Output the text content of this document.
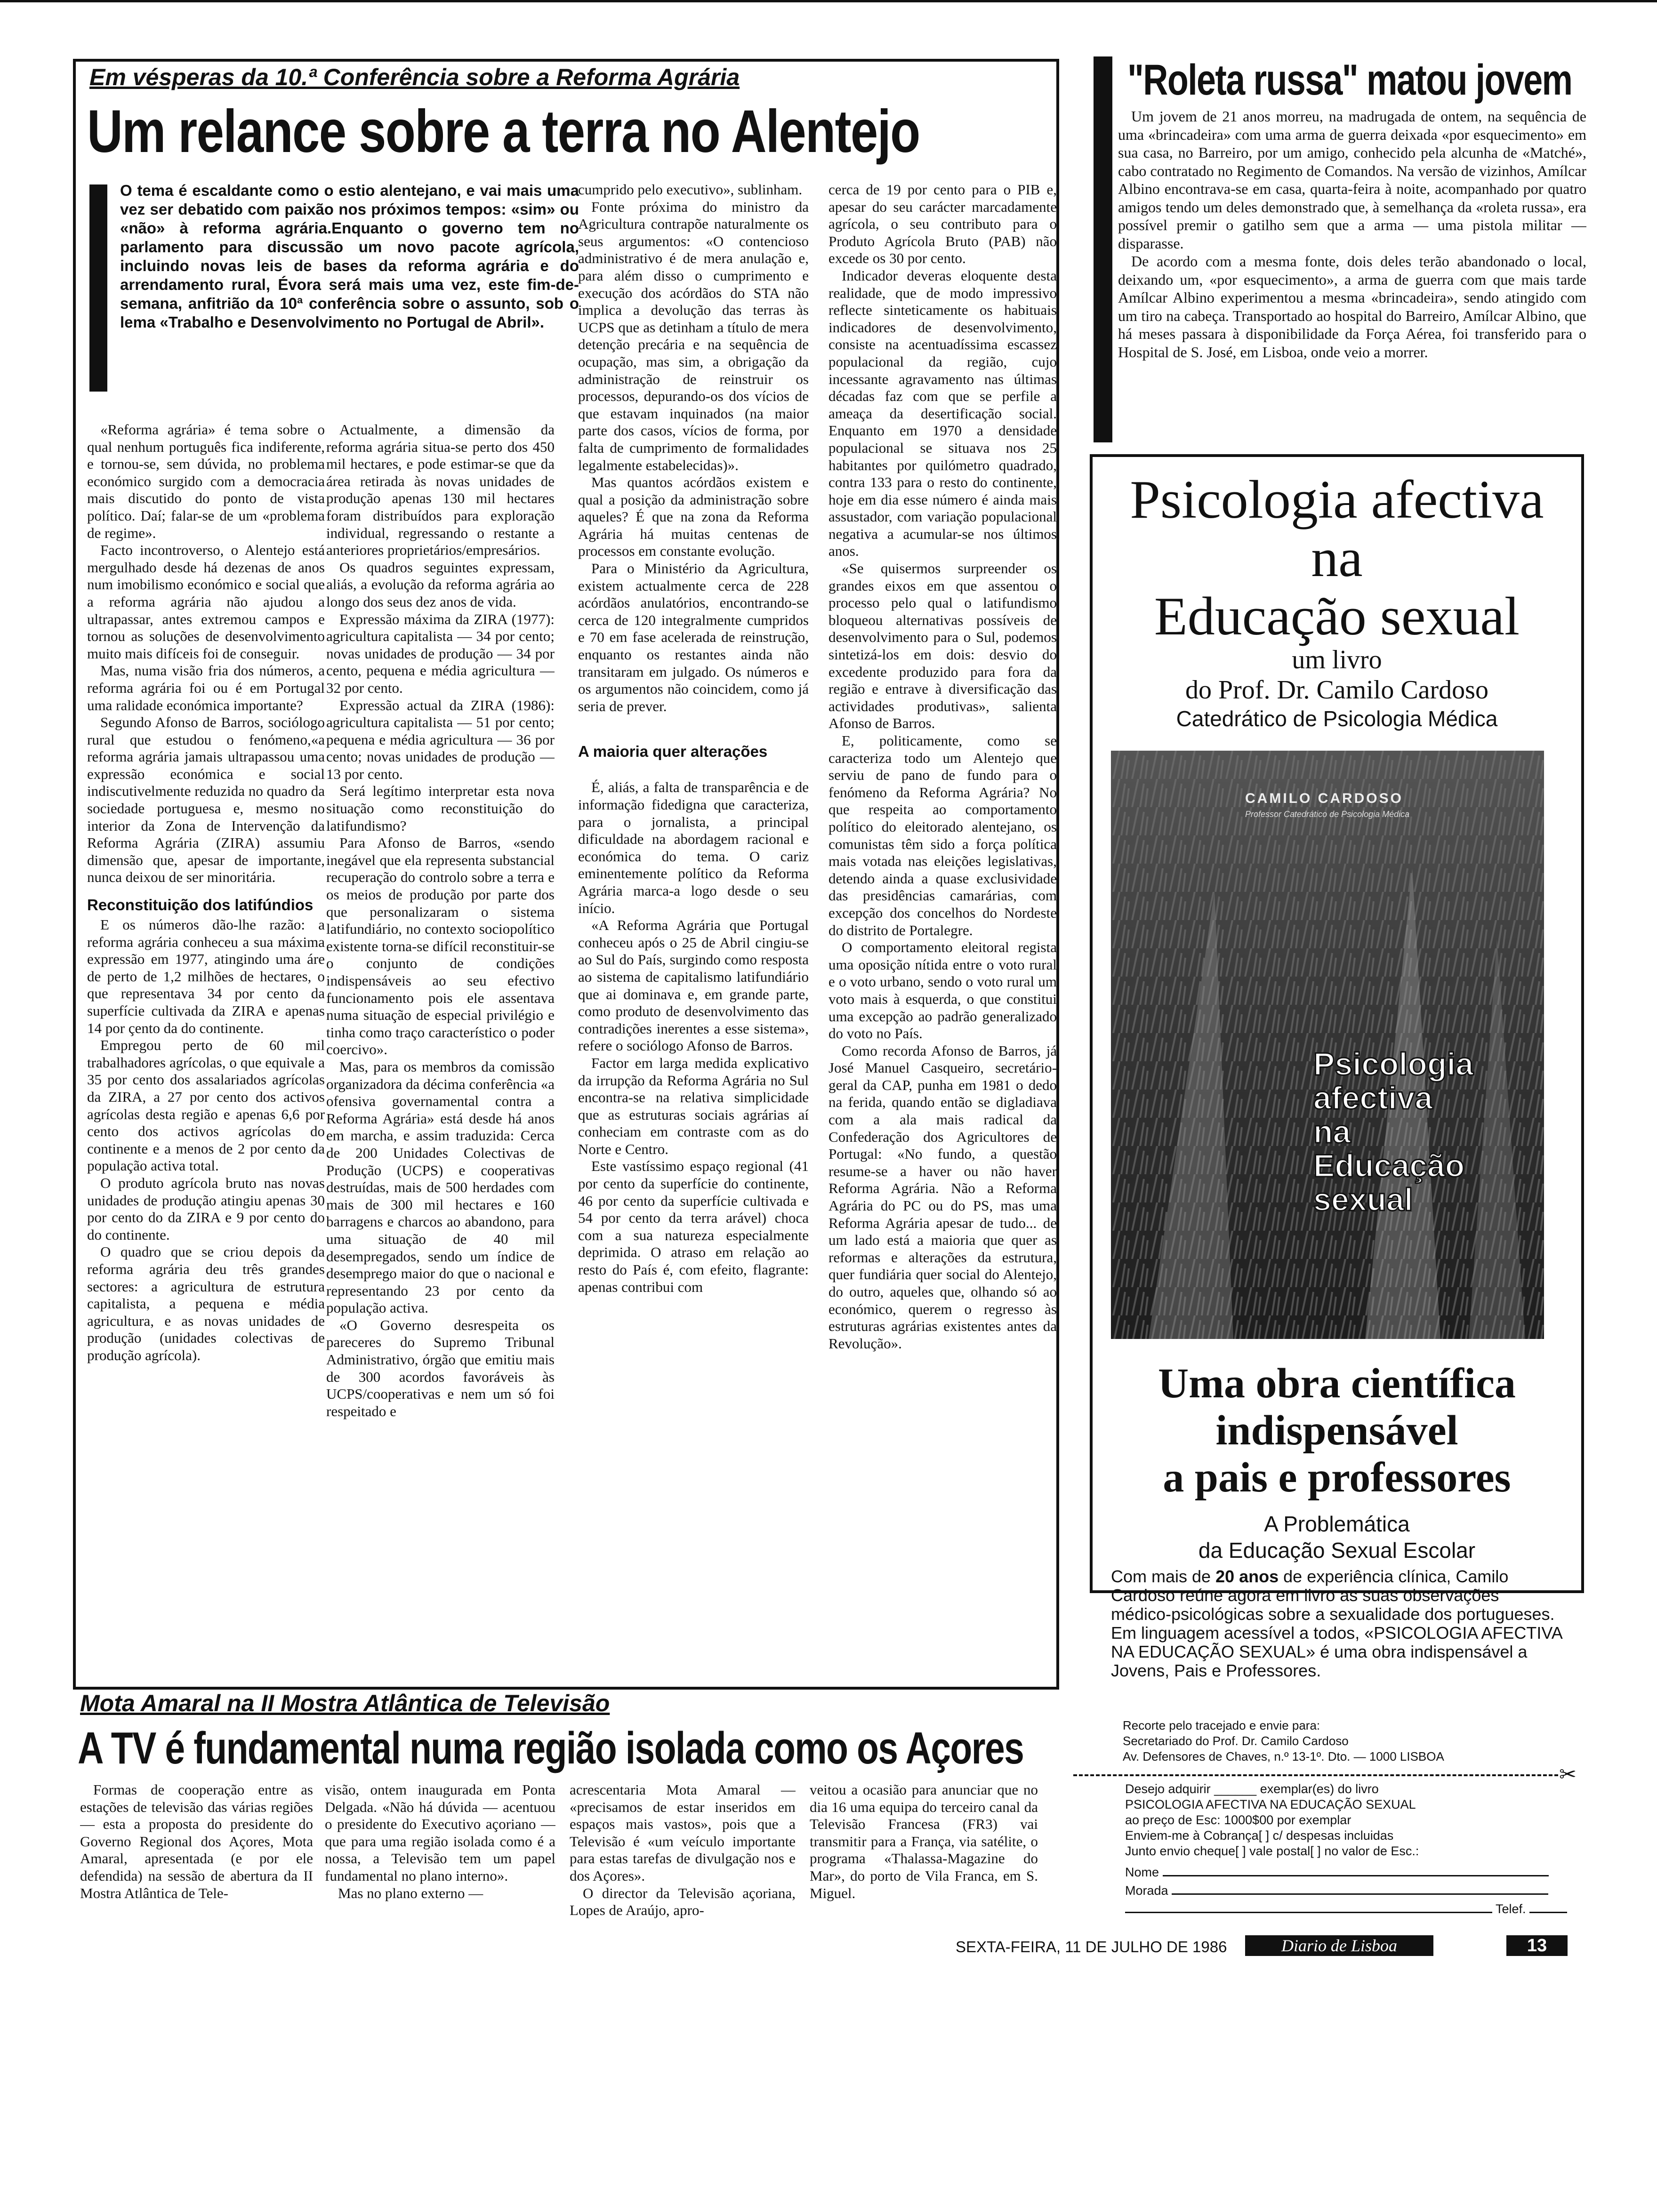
Em vésperas da 10.ª Conferência sobre a Reforma Agrária
Um relance sobre a terra no Alentejo
O tema é escaldante como o estio alentejano, e vai mais uma vez ser debatido com paixão nos próximos tempos: «sim» ou «não» à reforma agrária.Enquanto o governo tem no parlamento para discussão um novo pacote agrícola, incluindo novas leis de bases da reforma agrária e do arrendamento rural, Évora será mais uma vez, este fim-de-semana, anfitrião da 10ª conferência sobre o assunto, sob o lema «Trabalho e Desenvolvimento no Portugal de Abril».

«Reforma agrária» é tema sobre o qual nenhum português fica indiferente, e tornou-se, sem dúvida, no problema económico surgido com a democracia mais discutido do ponto de vista político. Daí; falar-se de um «problema de regime».

Facto incontroverso, o Alentejo está mergulhado desde há dezenas de anos num imobilismo económico e social que a reforma agrária não ajudou a ultrapassar, antes extremou campos e tornou as soluções de desenvolvimento muito mais difíceis foi de conseguir.

Mas, numa visão fria dos números, a reforma agrária foi ou é em Portugal uma ralidade económica importante?

Segundo Afonso de Barros, sociólogo rural que estudou o fenómeno,«a reforma agrária jamais ultrapassou uma expressão económica e social indiscutivelmente reduzida no quadro da sociedade portuguesa e, mesmo no interior da Zona de Intervenção da Reforma Agrária (ZIRA) assumiu dimensão que, apesar de importante, nunca deixou de ser minoritária.

Reconstituição dos latifúndios

E os números dão-lhe razão: a reforma agrária conheceu a sua máxima expressão em 1977, atingindo uma áre de perto de 1,2 milhões de hectares, o que representava 34 por cento da superfície cultivada da ZIRA e apenas 14 por çento da do continente.

Empregou perto de 60 mil trabalhadores agrícolas, o que equivale a 35 por cento dos assalariados agrícolas da ZIRA, a 27 por cento dos activos agrícolas desta região e apenas 6,6 por cento dos activos agrícolas do continente e a menos de 2 por cento da população activa total.

O produto agrícola bruto nas novas unidades de produção atingiu apenas 30 por cento do da ZIRA e 9 por cento do do continente.

O quadro que se criou depois da reforma agrária deu três grandes sectores: a agricultura de estrutura capitalista, a pequena e média agricultura, e as novas unidades de produção (unidades colectivas de produção agrícola).

Actualmente, a dimensão da reforma agrária situa-se perto dos 450 mil hectares, e pode estimar-se que da área retirada às novas unidades de produção apenas 130 mil hectares foram distribuídos para exploração individual, regressando o restante a anteriores proprietários/empresários.

Os quadros seguintes expressam, aliás, a evolução da reforma agrária ao longo dos seus dez anos de vida.

Expressão máxima da ZIRA (1977): agricultura capitalista — 34 por cento; novas unidades de produção — 34 por cento, pequena e média agricultura — 32 por cento.

Expressão actual da ZIRA (1986): agricultura capitalista — 51 por cento; pequena e média agricultura — 36 por cento; novas unidades de produção — 13 por cento.

Será legítimo interpretar esta nova situação como reconstituição do latifundismo?

Para Afonso de Barros, «sendo inegável que ela representa substancial recuperação do controlo sobre a terra e os meios de produção por parte dos que personalizaram o sistema latifundiário, no contexto sociopolítico existente torna-se difícil reconstituir-se o conjunto de condições indispensáveis ao seu efectivo funcionamento pois ele assentava numa situação de especial privilégio e tinha como traço característico o poder coercivo».

Mas, para os membros da comissão organizadora da décima conferência «a ofensiva governamental contra a Reforma Agrária» está desde há anos em marcha, e assim traduzida: Cerca de 200 Unidades Colectivas de Produção (UCPS) e cooperativas destruídas, mais de 500 herdades com mais de 300 mil hectares e 160 barragens e charcos ao abandono, para uma situação de 40 mil desempregados, sendo um índice de desemprego maior do que o nacional e representando 23 por cento da população activa.

«O Governo desrespeita os pareceres do Supremo Tribunal Administrativo, órgão que emitiu mais de 300 acordos favoráveis às UCPS/cooperativas e nem um só foi respeitado e

cumprido pelo executivo», sublinham.

Fonte próxima do ministro da Agricultura contrapõe naturalmente os seus argumentos: «O contencioso administrativo é de mera anulação e, para além disso o cumprimento e execução dos acórdãos do STA não implica a devolução das terras às UCPS que as detinham a título de mera detenção precária e na sequência de ocupação, mas sim, a obrigação da administração de reinstruir os processos, depurando-os dos vícios de que estavam inquinados (na maior parte dos casos, vícios de forma, por falta de cumprimento de formalidades legalmente estabelecidas)».

Mas quantos acórdãos existem e qual a posição da administração sobre aqueles? É que na zona da Reforma Agrária há muitas centenas de processos em constante evolução.

Para o Ministério da Agricultura, existem actualmente cerca de 228 acórdãos anulatórios, encontrando-se cerca de 120 integralmente cumpridos e 70 em fase acelerada de reinstrução, enquanto os restantes ainda não transitaram em julgado. Os números e os argumentos não coincidem, como já seria de prever.

A maioria quer alterações

É, aliás, a falta de transparência e de informação fidedigna que caracteriza, para o jornalista, a principal dificuldade na abordagem racional e económica do tema. O cariz eminentemente político da Reforma Agrária marca-a logo desde o seu início.

«A Reforma Agrária que Portugal conheceu após o 25 de Abril cingiu-se ao Sul do País, surgindo como resposta ao sistema de capitalismo latifundiário que ai dominava e, em grande parte, como produto de desenvolvimento das contradições inerentes a esse sistema», refere o sociólogo Afonso de Barros.

Factor em larga medida explicativo da irrupção da Reforma Agrária no Sul encontra-se na relativa simplicidade que as estruturas sociais agrárias aí conheciam em contraste com as do Norte e Centro.

Este vastíssimo espaço regional (41 por cento da superfície do continente, 46 por cento da superfície cultivada e 54 por cento da terra arável) choca com a sua natureza especialmente deprimida. O atraso em relação ao resto do País é, com efeito, flagrante: apenas contribui com

cerca de 19 por cento para o PIB e, apesar do seu carácter marcadamente agrícola, o seu contributo para o Produto Agrícola Bruto (PAB) não excede os 30 por cento.

Indicador deveras eloquente desta realidade, que de modo impressivo reflecte sinteticamente os habituais indicadores de desenvolvimento, consiste na acentuadíssima escassez populacional da região, cujo incessante agravamento nas últimas décadas faz com que se perfile a ameaça da desertificação social. Enquanto em 1970 a densidade populacional se situava nos 25 habitantes por quilómetro quadrado, contra 133 para o resto do continente, hoje em dia esse número é ainda mais assustador, com variação populacional negativa a acumular-se nos últimos anos.

«Se quisermos surpreender os grandes eixos em que assentou o processo pelo qual o latifundismo bloqueou alternativas possíveis de desenvolvimento para o Sul, podemos sintetizá-los em dois: desvio do excedente produzido para fora da região e entrave à diversificação das actividades produtivas», salienta Afonso de Barros.

E, politicamente, como se caracteriza todo um Alentejo que serviu de pano de fundo para o fenómeno da Reforma Agrária? No que respeita ao comportamento político do eleitorado alentejano, os comunistas têm sido a força política mais votada nas eleições legislativas, detendo ainda a quase exclusividade das presidências camarárias, com excepção dos concelhos do Nordeste do distrito de Portalegre.

O comportamento eleitoral regista uma oposição nítida entre o voto rural e o voto urbano, sendo o voto rural um voto mais à esquerda, o que constitui uma excepção ao padrão generalizado do voto no País.

Como recorda Afonso de Barros, já José Manuel Casqueiro, secretário-geral da CAP, punha em 1981 o dedo na ferida, quando então se digladiava com a ala mais radical da Confederação dos Agricultores de Portugal: «No fundo, a questão resume-se a haver ou não haver Reforma Agrária. Não a Reforma Agrária do PC ou do PS, mas uma Reforma Agrária apesar de tudo... de um lado está a maioria que quer as reformas e alterações da estrutura, quer fundiária quer social do Alentejo, do outro, aqueles que, olhando só ao económico, querem o regresso às estruturas agrárias existentes antes da Revolução».

"Roleta russa" matou jovem

Um jovem de 21 anos morreu, na madrugada de ontem, na sequência de uma «brincadeira» com uma arma de guerra deixada «por esquecimento» em sua casa, no Barreiro, por um amigo, conhecido pela alcunha de «Matché», cabo contratado no Regimento de Comandos. Na versão de vizinhos, Amílcar Albino encontrava-se em casa, quarta-feira à noite, acompanhado por quatro amigos tendo um deles demonstrado que, à semelhança da «roleta russa», era possível premir o gatilho sem que a arma — uma pistola militar — disparasse.

De acordo com a mesma fonte, dois deles terão abandonado o local, deixando um, «por esquecimento», a arma de guerra com que mais tarde Amílcar Albino experimentou a mesma «brincadeira», sendo atingido com um tiro na cabeça. Transportado ao hospital do Barreiro, Amílcar Albino, que há meses passara à disponibilidade da Força Aérea, foi transferido para o Hospital de S. José, em Lisboa, onde veio a morrer.

Psicologia afectiva
na
Educação sexual
um livro
do Prof. Dr. Camilo Cardoso
Catedrático de Psicologia Médica
CAMILO CARDOSO
Professor Catedrático de Psicologia Médica
Psicologia
afectiva
na
Educação
sexual
Uma obra científica
indispensável
a pais e professores
A Problemática
da Educação Sexual Escolar
Com mais de 20 anos de experiência clínica, Camilo Cardoso reúne agora em livro as suas observações médico-psicológicas sobre a sexualidade dos portugueses.
Em linguagem acessível a todos, «PSICOLOGIA AFECTIVA NA EDUCAÇÃO SEXUAL» é uma obra indispensável a Jovens, Pais e Professores.
Recorte pelo tracejado e envie para:
Secretariado do Prof. Dr. Camilo Cardoso
Av. Defensores de Chaves, n.º 13-1º. Dto. — 1000 LISBOA
✂
Desejo adquirir ______ exemplar(es) do livro
PSICOLOGIA AFECTIVA NA EDUCAÇÃO SEXUAL
ao preço de Esc: 1000$00 por exemplar
Enviem-me à Cobrança[ ] c/ despesas incluidas
Junto envio cheque[ ] vale postal[ ] no valor de Esc.:
Nome
Morada
Telef.
Mota Amaral na II Mostra Atlântica de Televisão
A TV é fundamental numa região isolada como os Açores

Formas de cooperação entre as estações de televisão das várias regiões — esta a proposta do presidente do Governo Regional dos Açores, Mota Amaral, apresentada (e por ele defendida) na sessão de abertura da II Mostra Atlântica de Tele-

visão, ontem inaugurada em Ponta Delgada. «Não há dúvida — acentuou o presidente do Executivo açoriano — que para uma região isolada como é a nossa, a Televisão tem um papel fundamental no plano interno».

Mas no plano externo —

acrescentaria Mota Amaral — «precisamos de estar inseridos em espaços mais vastos», pois que a Televisão é «um veículo importante para estas tarefas de divulgação nos e dos Açores».

O director da Televisão açoriana, Lopes de Araújo, apro-

veitou a ocasião para anunciar que no dia 16 uma equipa do terceiro canal da Televisão Francesa (FR3) vai transmitir para a França, via satélite, o programa «Thalassa-Magazine do Mar», do porto de Vila Franca, em S. Miguel.

SEXTA-FEIRA, 11 DE JULHO DE 1986	Diario de Lisboa	13
